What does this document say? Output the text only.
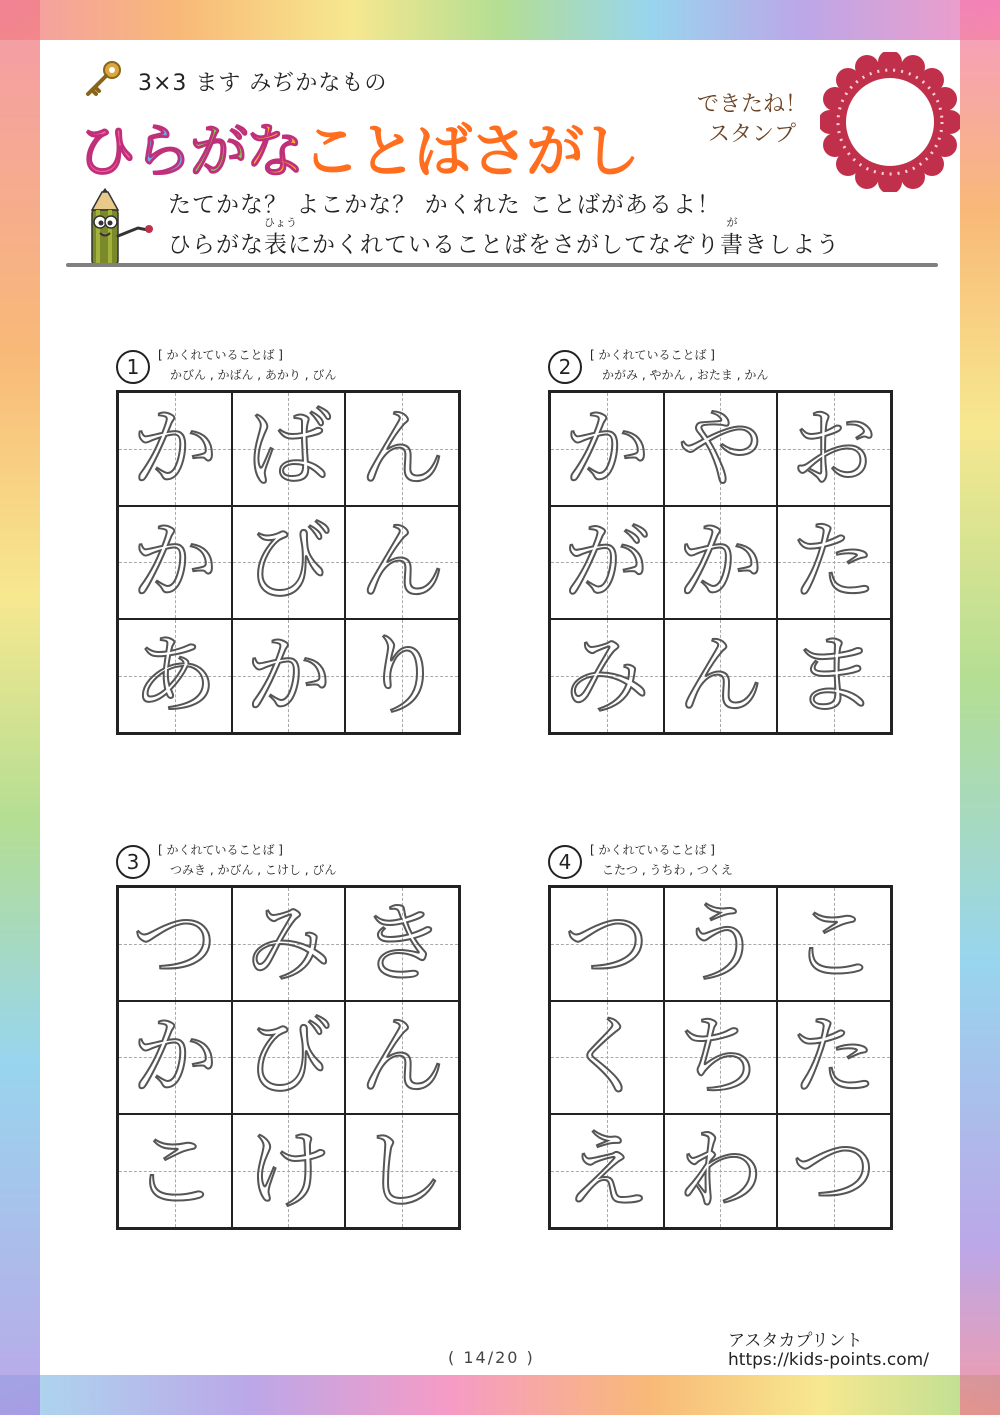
3×3 ます みぢかなもの
ひらがなことばさがし
できたね！
スタンプ
たてかな？ よこかな？ かくれた ことばがあるよ！
ひらがな
ひょう
表にかくれていることばをさがしてなぞり
が
書きしよう
1	[ かくれていることば ]
かびん , かばん , あかり , びん
か ば ん
か び ん
あ か り
2	[ かくれていることば ]
かがみ , やかん , おたま , かん
か や お
が か た
み ん ま
3	[ かくれていることば ]
つみき , かびん , こけし , びん
つ み き
か び ん
こ け し
4	[ かくれていることば ]
こたつ , うちわ , つくえ
つ う こ
く ち た
え わ つ
( 14/20 )
アスタカプリント
https://kids-points.com/
